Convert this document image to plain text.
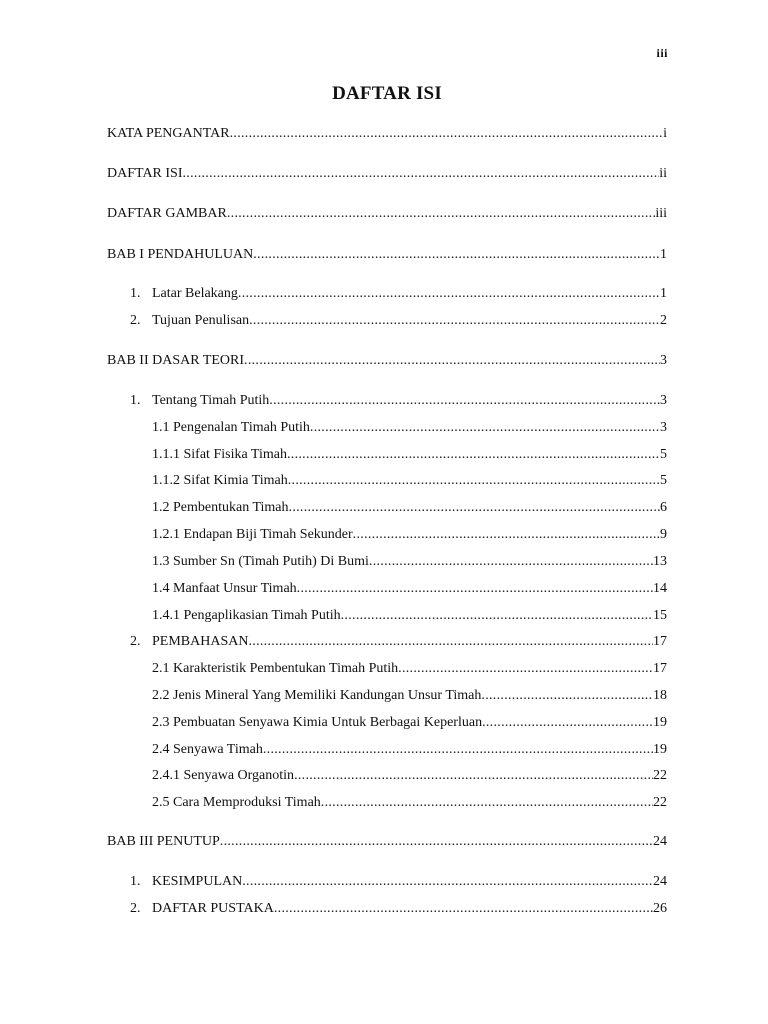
iii
DAFTAR ISI
KATA PENGANTAR .....	i
DAFTAR ISI .....	ii
DAFTAR GAMBAR .....	iii
BAB I PENDAHULUAN .....	1
1. Latar Belakang .....	1
2. Tujuan Penulisan .....	2
BAB II DASAR TEORI .....	3
1. Tentang Timah Putih .....	3
1.1 Pengenalan Timah Putih .....	3
1.1.1 Sifat Fisika Timah .....	5
1.1.2 Sifat Kimia Timah .....	5
1.2 Pembentukan Timah .....	6
1.2.1 Endapan Biji Timah Sekunder .....	9
1.3 Sumber Sn (Timah Putih) Di Bumi .....	13
1.4 Manfaat Unsur Timah .....	14
1.4.1 Pengaplikasian Timah Putih .....	15
2. PEMBAHASAN .....	17
2.1 Karakteristik Pembentukan Timah Putih .....	17
2.2 Jenis Mineral Yang Memiliki Kandungan Unsur Timah .....	18
2.3 Pembuatan Senyawa Kimia Untuk Berbagai Keperluan .....	19
2.4 Senyawa Timah .....	19
2.4.1 Senyawa Organotin .....	22
2.5 Cara Memproduksi Timah .....	22
BAB III PENUTUP .....	24
1. KESIMPULAN .....	24
2. DAFTAR PUSTAKA .....	26
